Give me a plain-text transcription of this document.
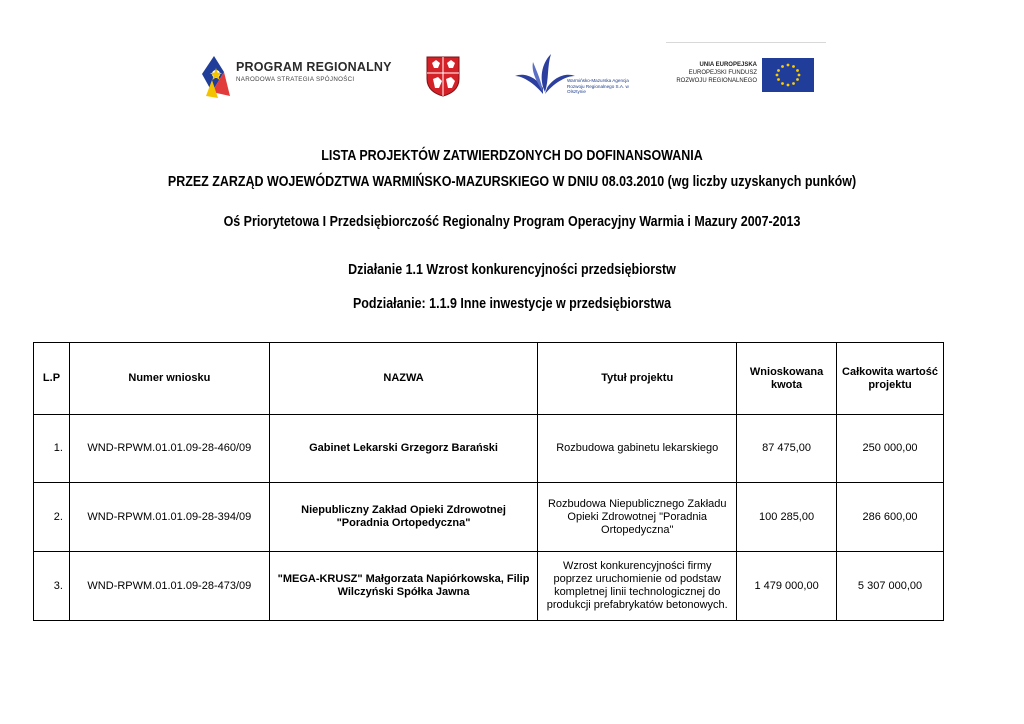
PROGRAM REGIONALNY
NARODOWA STRATEGIA SPÓJNOŚCI	Warmińsko-Mazurska Agencja Rozwoju Regionalnego S.A. w Olsztynie
UNIA EUROPEJSKA
EUROPEJSKI FUNDUSZ
ROZWOJU REGIONALNEGO
LISTA PROJEKTÓW ZATWIERDZONYCH DO DOFINANSOWANIA
PRZEZ ZARZĄD WOJEWÓDZTWA WARMIŃSKO-MAZURSKIEGO W DNIU 08.03.2010 (wg liczby uzyskanych punków)
Oś Priorytetowa I Przedsiębiorczość Regionalny Program Operacyjny Warmia i Mazury 2007-2013
Działanie 1.1 Wzrost konkurencyjności przedsiębiorstw
Podziałanie: 1.1.9 Inne inwestycje w przedsiębiorstwa
L.P	Numer wniosku	NAZWA	Tytuł projektu	Wnioskowana kwota	Całkowita wartość projektu
1.	WND-RPWM.01.01.09-28-460/09	Gabinet Lekarski Grzegorz Barański	Rozbudowa gabinetu lekarskiego	87 475,00	250 000,00
2.	WND-RPWM.01.01.09-28-394/09	Niepubliczny Zakład Opieki Zdrowotnej "Poradnia Ortopedyczna"	Rozbudowa Niepublicznego Zakładu Opieki Zdrowotnej "Poradnia Ortopedyczna"	100 285,00	286 600,00
3.	WND-RPWM.01.01.09-28-473/09	"MEGA-KRUSZ" Małgorzata Napiórkowska, Filip Wilczyński Spółka Jawna	Wzrost konkurencyjności firmy poprzez uruchomienie od podstaw kompletnej linii technologicznej do produkcji prefabrykatów betonowych.	1 479 000,00	5 307 000,00
